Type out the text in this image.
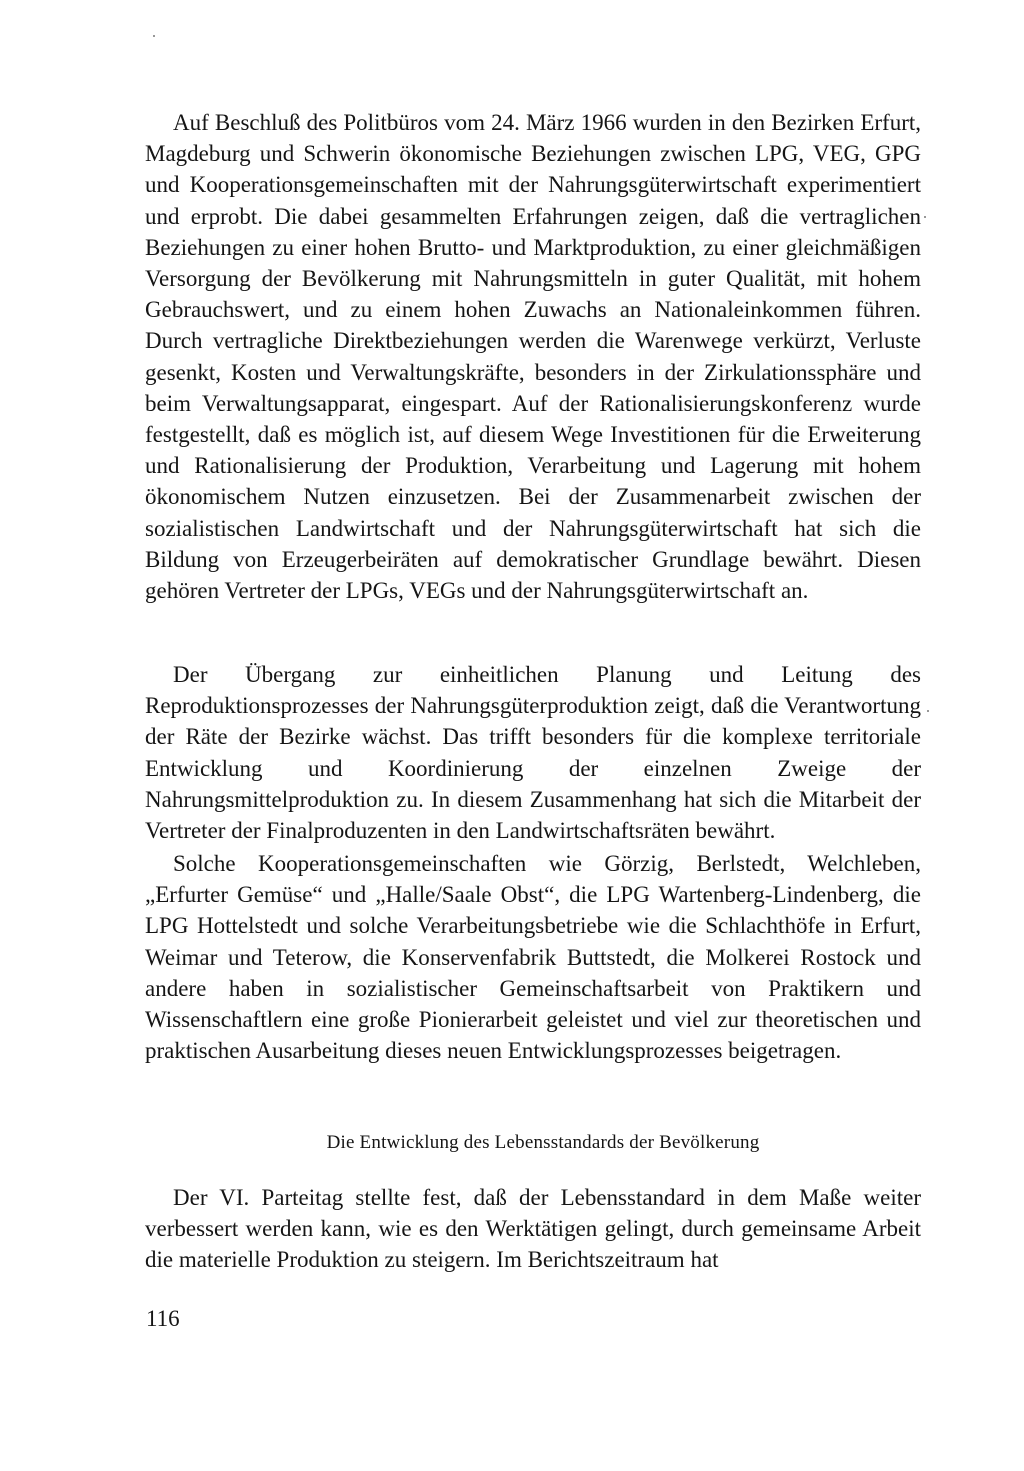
Auf Beschluß des Politbüros vom 24. März 1966 wurden in den Bezirken Erfurt, Magdeburg und Schwerin ökonomische Beziehungen zwischen LPG, VEG, GPG und Kooperationsgemeinschaften mit der Nahrungsgüterwirtschaft experimentiert und erprobt. Die dabei gesammelten Erfahrungen zeigen, daß die vertraglichen Beziehungen zu einer hohen Brutto- und Marktproduktion, zu einer gleichmäßigen Versorgung der Bevölkerung mit Nahrungsmitteln in guter Qualität, mit hohem Gebrauchswert, und zu einem hohen Zuwachs an Nationaleinkommen führen. Durch vertragliche Direktbeziehungen werden die Warenwege verkürzt, Verluste gesenkt, Kosten und Verwaltungskräfte, besonders in der Zirkulationssphäre und beim Verwaltungsapparat, eingespart. Auf der Rationalisierungskonferenz wurde festgestellt, daß es möglich ist, auf diesem Wege Investitionen für die Erweiterung und Rationalisierung der Produktion, Verarbeitung und Lagerung mit hohem ökonomischem Nutzen einzusetzen. Bei der Zusammenarbeit zwischen der sozialistischen Landwirtschaft und der Nahrungsgüterwirtschaft hat sich die Bildung von Erzeugerbeiräten auf demokratischer Grundlage bewährt. Diesen gehören Vertreter der LPGs, VEGs und der Nahrungsgüterwirtschaft an.

Der Übergang zur einheitlichen Planung und Leitung des Reproduktionsprozesses der Nahrungsgüterproduktion zeigt, daß die Verantwortung der Räte der Bezirke wächst. Das trifft besonders für die komplexe territoriale Entwicklung und Koordinierung der einzelnen Zweige der Nahrungsmittelproduktion zu. In diesem Zusammenhang hat sich die Mitarbeit der Vertreter der Finalproduzenten in den Landwirtschaftsräten bewährt.

Solche Kooperationsgemeinschaften wie Görzig, Berlstedt, Welchleben, „Erfurter Gemüse“ und „Halle/Saale Obst“, die LPG Wartenberg-Lindenberg, die LPG Hottelstedt und solche Verarbeitungsbetriebe wie die Schlachthöfe in Erfurt, Weimar und Teterow, die Konservenfabrik Buttstedt, die Molkerei Rostock und andere haben in sozialistischer Gemeinschaftsarbeit von Praktikern und Wissenschaftlern eine große Pionierarbeit geleistet und viel zur theoretischen und praktischen Ausarbeitung dieses neuen Entwicklungsprozesses beigetragen.

Die Entwicklung des Lebensstandards der Bevölkerung

Der VI. Parteitag stellte fest, daß der Lebensstandard in dem Maße weiter verbessert werden kann, wie es den Werktätigen gelingt, durch gemeinsame Arbeit die materielle Produktion zu steigern. Im Berichtszeitraum hat

116
